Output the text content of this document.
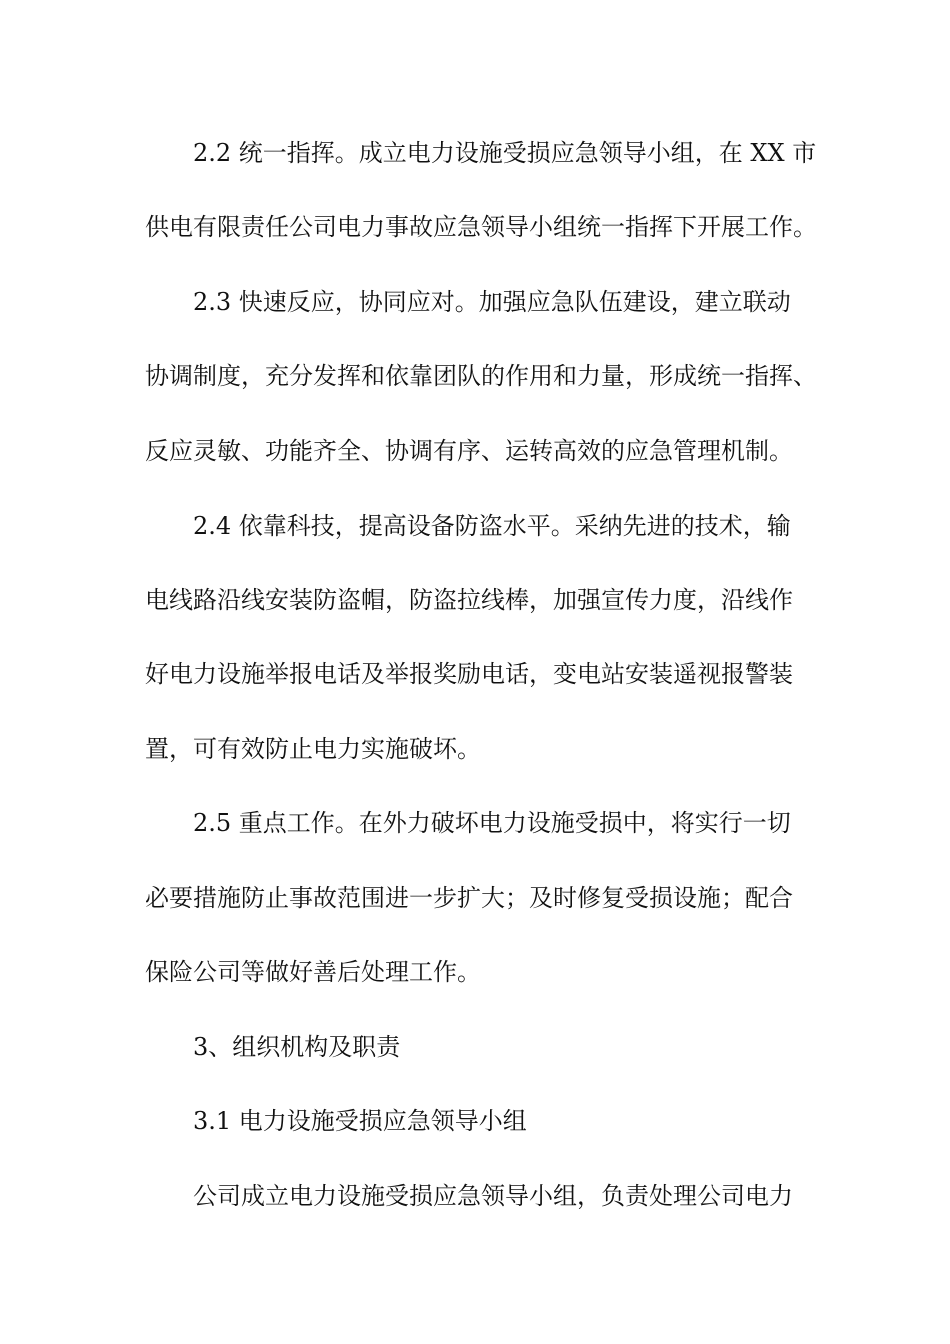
2.2 统一指挥。成立电力设施受损应急领导小组，在 XX 市
供电有限责任公司电力事故应急领导小组统一指挥下开展工作。
2.3 快速反应，协同应对。加强应急队伍建设，建立联动
协调制度，充分发挥和依靠团队的作用和力量，形成统一指挥、
反应灵敏、功能齐全、协调有序、运转高效的应急管理机制。
2.4 依靠科技，提高设备防盗水平。采纳先进的技术，输
电线路沿线安装防盗帽，防盗拉线棒，加强宣传力度，沿线作
好电力设施举报电话及举报奖励电话，变电站安装遥视报警装
置，可有效防止电力实施破坏。
2.5 重点工作。在外力破坏电力设施受损中，将实行一切
必要措施防止事故范围进一步扩大；及时修复受损设施；配合
保险公司等做好善后处理工作。
3、组织机构及职责
3.1 电力设施受损应急领导小组
公司成立电力设施受损应急领导小组，负责处理公司电力
